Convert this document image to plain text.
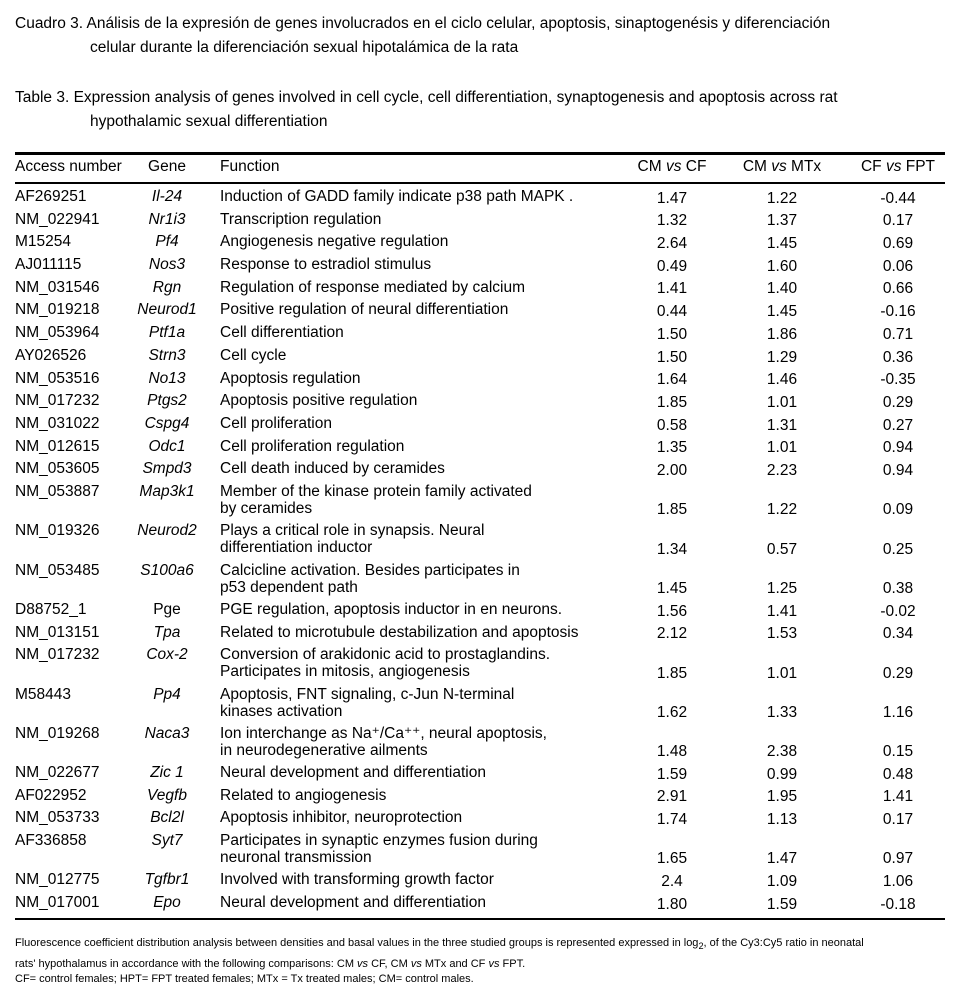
Cuadro 3. Análisis de la expresión de genes involucrados en el ciclo celular, apoptosis, sinaptogenésis y diferenciación
celular durante la diferenciación sexual hipotalámica de la rata
Table 3. Expression analysis of genes involved in cell cycle, cell differentiation, synaptogenesis and apoptosis across rat
hypothalamic sexual differentiation
Access number	Gene	Function	CM vs CF	CM vs MTx	CF vs FPT
AF269251	Il-24	Induction of GADD family indicate p38 path MAPK .	1.47	1.22	-0.44
NM_022941	Nr1i3	Transcription regulation	1.32	1.37	0.17
M15254	Pf4	Angiogenesis negative regulation	2.64	1.45	0.69
AJ011115	Nos3	Response to estradiol stimulus	0.49	1.60	0.06
NM_031546	Rgn	Regulation of response mediated by calcium	1.41	1.40	0.66
NM_019218	Neurod1	Positive regulation of neural differentiation	0.44	1.45	-0.16
NM_053964	Ptf1a	Cell differentiation	1.50	1.86	0.71
AY026526	Strn3	Cell cycle	1.50	1.29	0.36
NM_053516	No13	Apoptosis regulation	1.64	1.46	-0.35
NM_017232	Ptgs2	Apoptosis positive regulation	1.85	1.01	0.29
NM_031022	Cspg4	Cell proliferation	0.58	1.31	0.27
NM_012615	Odc1	Cell proliferation regulation	1.35	1.01	0.94
NM_053605	Smpd3	Cell death induced by ceramides	2.00	2.23	0.94
NM_053887	Map3k1	Member of the kinase protein family activated
by ceramides	1.85	1.22	0.09
NM_019326	Neurod2	Plays a critical role in synapsis. Neural
differentiation inductor	1.34	0.57	0.25
NM_053485	S100a6	Calcicline activation. Besides participates in
p53 dependent path	1.45	1.25	0.38
D88752_1	Pge	PGE regulation, apoptosis inductor in en neurons.	1.56	1.41	-0.02
NM_013151	Tpa	Related to microtubule destabilization and apoptosis	2.12	1.53	0.34
NM_017232	Cox-2	Conversion of arakidonic acid to prostaglandins.
Participates in mitosis, angiogenesis	1.85	1.01	0.29
M58443	Pp4	Apoptosis, FNT signaling, c-Jun N-terminal
kinases activation	1.62	1.33	1.16
NM_019268	Naca3	Ion interchange as Na⁺/Ca⁺⁺, neural apoptosis,
in neurodegenerative ailments	1.48	2.38	0.15
NM_022677	Zic 1	Neural development and differentiation	1.59	0.99	0.48
AF022952	Vegfb	Related to angiogenesis	2.91	1.95	1.41
NM_053733	Bcl2l	Apoptosis inhibitor, neuroprotection	1.74	1.13	0.17
AF336858	Syt7	Participates in synaptic enzymes fusion during
neuronal transmission	1.65	1.47	0.97
NM_012775	Tgfbr1	Involved with transforming growth factor	2.4	1.09	1.06
NM_017001	Epo	Neural development and differentiation	1.80	1.59	-0.18
Fluorescence coefficient distribution analysis between densities and basal values in the three studied groups is represented expressed in $\log_2$, of the Cy3:Cy5 ratio in neonatal
rats' hypothalamus in accordance with the following comparisons: CM vs CF, CM vs MTx and CF vs FPT.
CF= control females; HPT= FPT treated females; MTx = Tx treated males; CM= control males.
